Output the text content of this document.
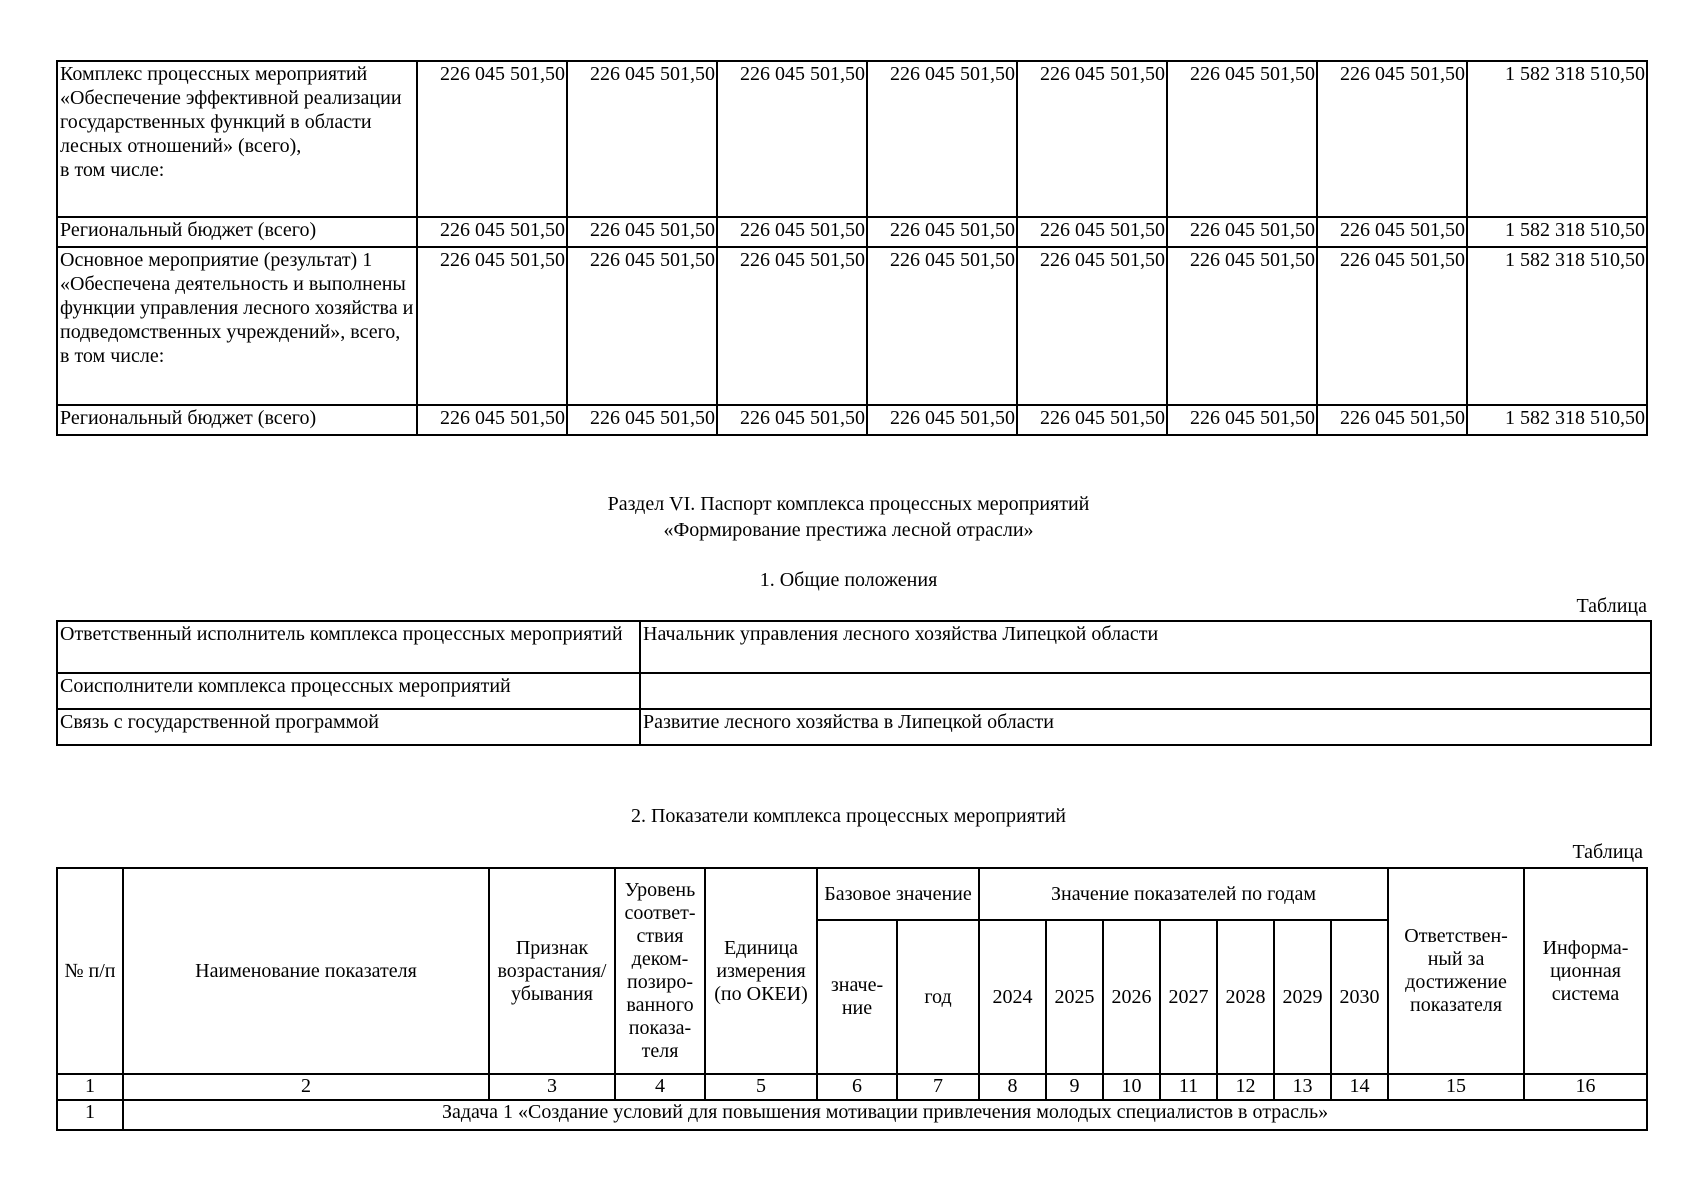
Комплекс процессных мероприятий «Обеспечение эффективной реализации государственных функций в области лесных отношений» (всего),
в том числе:	226 045 501,50	226 045 501,50	226 045 501,50	226 045 501,50	226 045 501,50	226 045 501,50	226 045 501,50	1 582 318 510,50
Региональный бюджет (всего)	226 045 501,50	226 045 501,50	226 045 501,50	226 045 501,50	226 045 501,50	226 045 501,50	226 045 501,50	1 582 318 510,50
Основное мероприятие (результат) 1 «Обеспечена деятельность и выполнены функции управления лесного хозяйства и подведомственных учреждений», всего, в том числе:	226 045 501,50	226 045 501,50	226 045 501,50	226 045 501,50	226 045 501,50	226 045 501,50	226 045 501,50	1 582 318 510,50
Региональный бюджет (всего)	226 045 501,50	226 045 501,50	226 045 501,50	226 045 501,50	226 045 501,50	226 045 501,50	226 045 501,50	1 582 318 510,50
Раздел VI. Паспорт комплекса процессных мероприятий
«Формирование престижа лесной отрасли»
1. Общие положения
Таблица
Ответственный исполнитель комплекса процессных мероприятий	Начальник управления лесного хозяйства Липецкой области
Соисполнители комплекса процессных мероприятий	
Связь с государственной программой	Развитие лесного хозяйства в Липецкой области
2. Показатели комплекса процессных мероприятий
Таблица
№ п/п	Наименование показателя	Признак возрастания/ убывания	Уровень соответ-ствия деком-позиро-ванного показа-теля	Единица измерения (по ОКЕИ)	Базовое значение		Значение показателей по годам							Ответствен-ный за достижение показателя	Информа-ционная система
					значе-ние	год	2024	2025	2026	2027	2028	2029	2030		
1	2	3	4	5	6	7	8	9	10	11	12	13	14	15	16
1	Задача 1 «Создание условий для повышения мотивации привлечения молодых специалистов в отрасль»														
